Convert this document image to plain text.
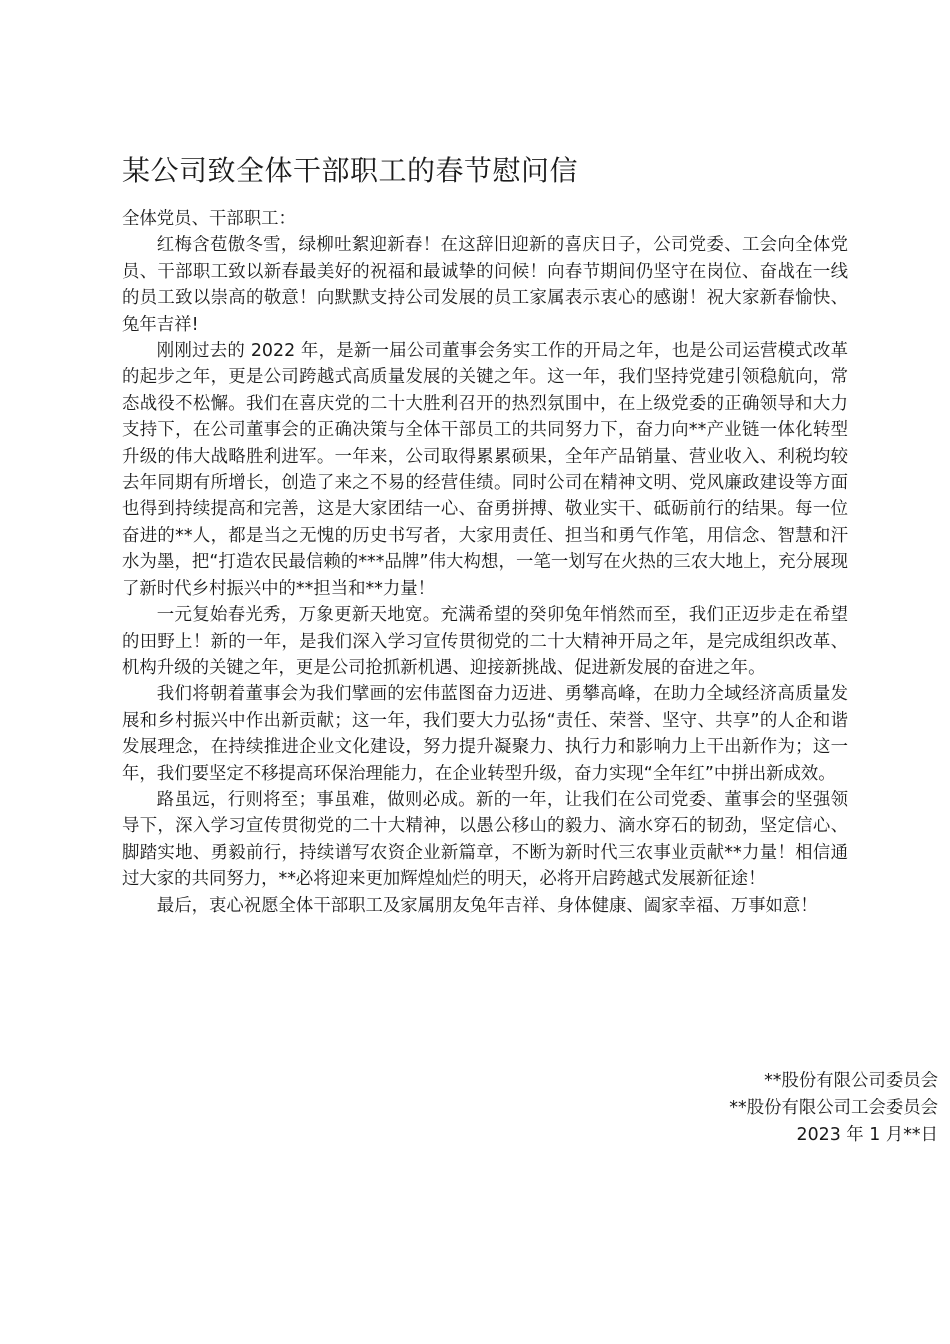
某公司致全体干部职工的春节慰问信

全体党员、干部职工：

红梅含苞傲冬雪，绿柳吐絮迎新春！在这辞旧迎新的喜庆日子，公司党委、工会向全体党员、干部职工致以新春最美好的祝福和最诚挚的问候！向春节期间仍坚守在岗位、奋战在一线的员工致以崇高的敬意！向默默支持公司发展的员工家属表示衷心的感谢！祝大家新春愉快、兔年吉祥!

刚刚过去的 2022 年，是新一届公司董事会务实工作的开局之年，也是公司运营模式改革的起步之年，更是公司跨越式高质量发展的关键之年。这一年，我们坚持党建引领稳航向，常态战役不松懈。我们在喜庆党的二十大胜利召开的热烈氛围中，在上级党委的正确领导和大力支持下，在公司董事会的正确决策与全体干部员工的共同努力下，奋力向**产业链一体化转型升级的伟大战略胜利进军。一年来，公司取得累累硕果，全年产品销量、营业收入、利税均较去年同期有所增长，创造了来之不易的经营佳绩。同时公司在精神文明、党风廉政建设等方面也得到持续提高和完善，这是大家团结一心、奋勇拼搏、敬业实干、砥砺前行的结果。每一位奋进的**人，都是当之无愧的历史书写者，大家用责任、担当和勇气作笔，用信念、智慧和汗水为墨，把“打造农民最信赖的***品牌”伟大构想，一笔一划写在火热的三农大地上，充分展现了新时代乡村振兴中的**担当和**力量！

一元复始春光秀，万象更新天地宽。充满希望的癸卯兔年悄然而至，我们正迈步走在希望的田野上！新的一年，是我们深入学习宣传贯彻党的二十大精神开局之年，是完成组织改革、机构升级的关键之年，更是公司抢抓新机遇、迎接新挑战、促进新发展的奋进之年。

我们将朝着董事会为我们擘画的宏伟蓝图奋力迈进、勇攀高峰，在助力全域经济高质量发展和乡村振兴中作出新贡献；这一年，我们要大力弘扬“责任、荣誉、坚守、共享”的人企和谐发展理念，在持续推进企业文化建设，努力提升凝聚力、执行力和影响力上干出新作为；这一年，我们要坚定不移提高环保治理能力，在企业转型升级，奋力实现“全年红”中拼出新成效。

路虽远，行则将至；事虽难，做则必成。新的一年，让我们在公司党委、董事会的坚强领导下，深入学习宣传贯彻党的二十大精神，以愚公移山的毅力、滴水穿石的韧劲，坚定信心、脚踏实地、勇毅前行，持续谱写农资企业新篇章，不断为新时代三农事业贡献**力量！相信通过大家的共同努力，**必将迎来更加辉煌灿烂的明天，必将开启跨越式发展新征途！

最后，衷心祝愿全体干部职工及家属朋友兔年吉祥、身体健康、阖家幸福、万事如意！

**股份有限公司委员会
**股份有限公司工会委员会
2023 年 1 月**日
